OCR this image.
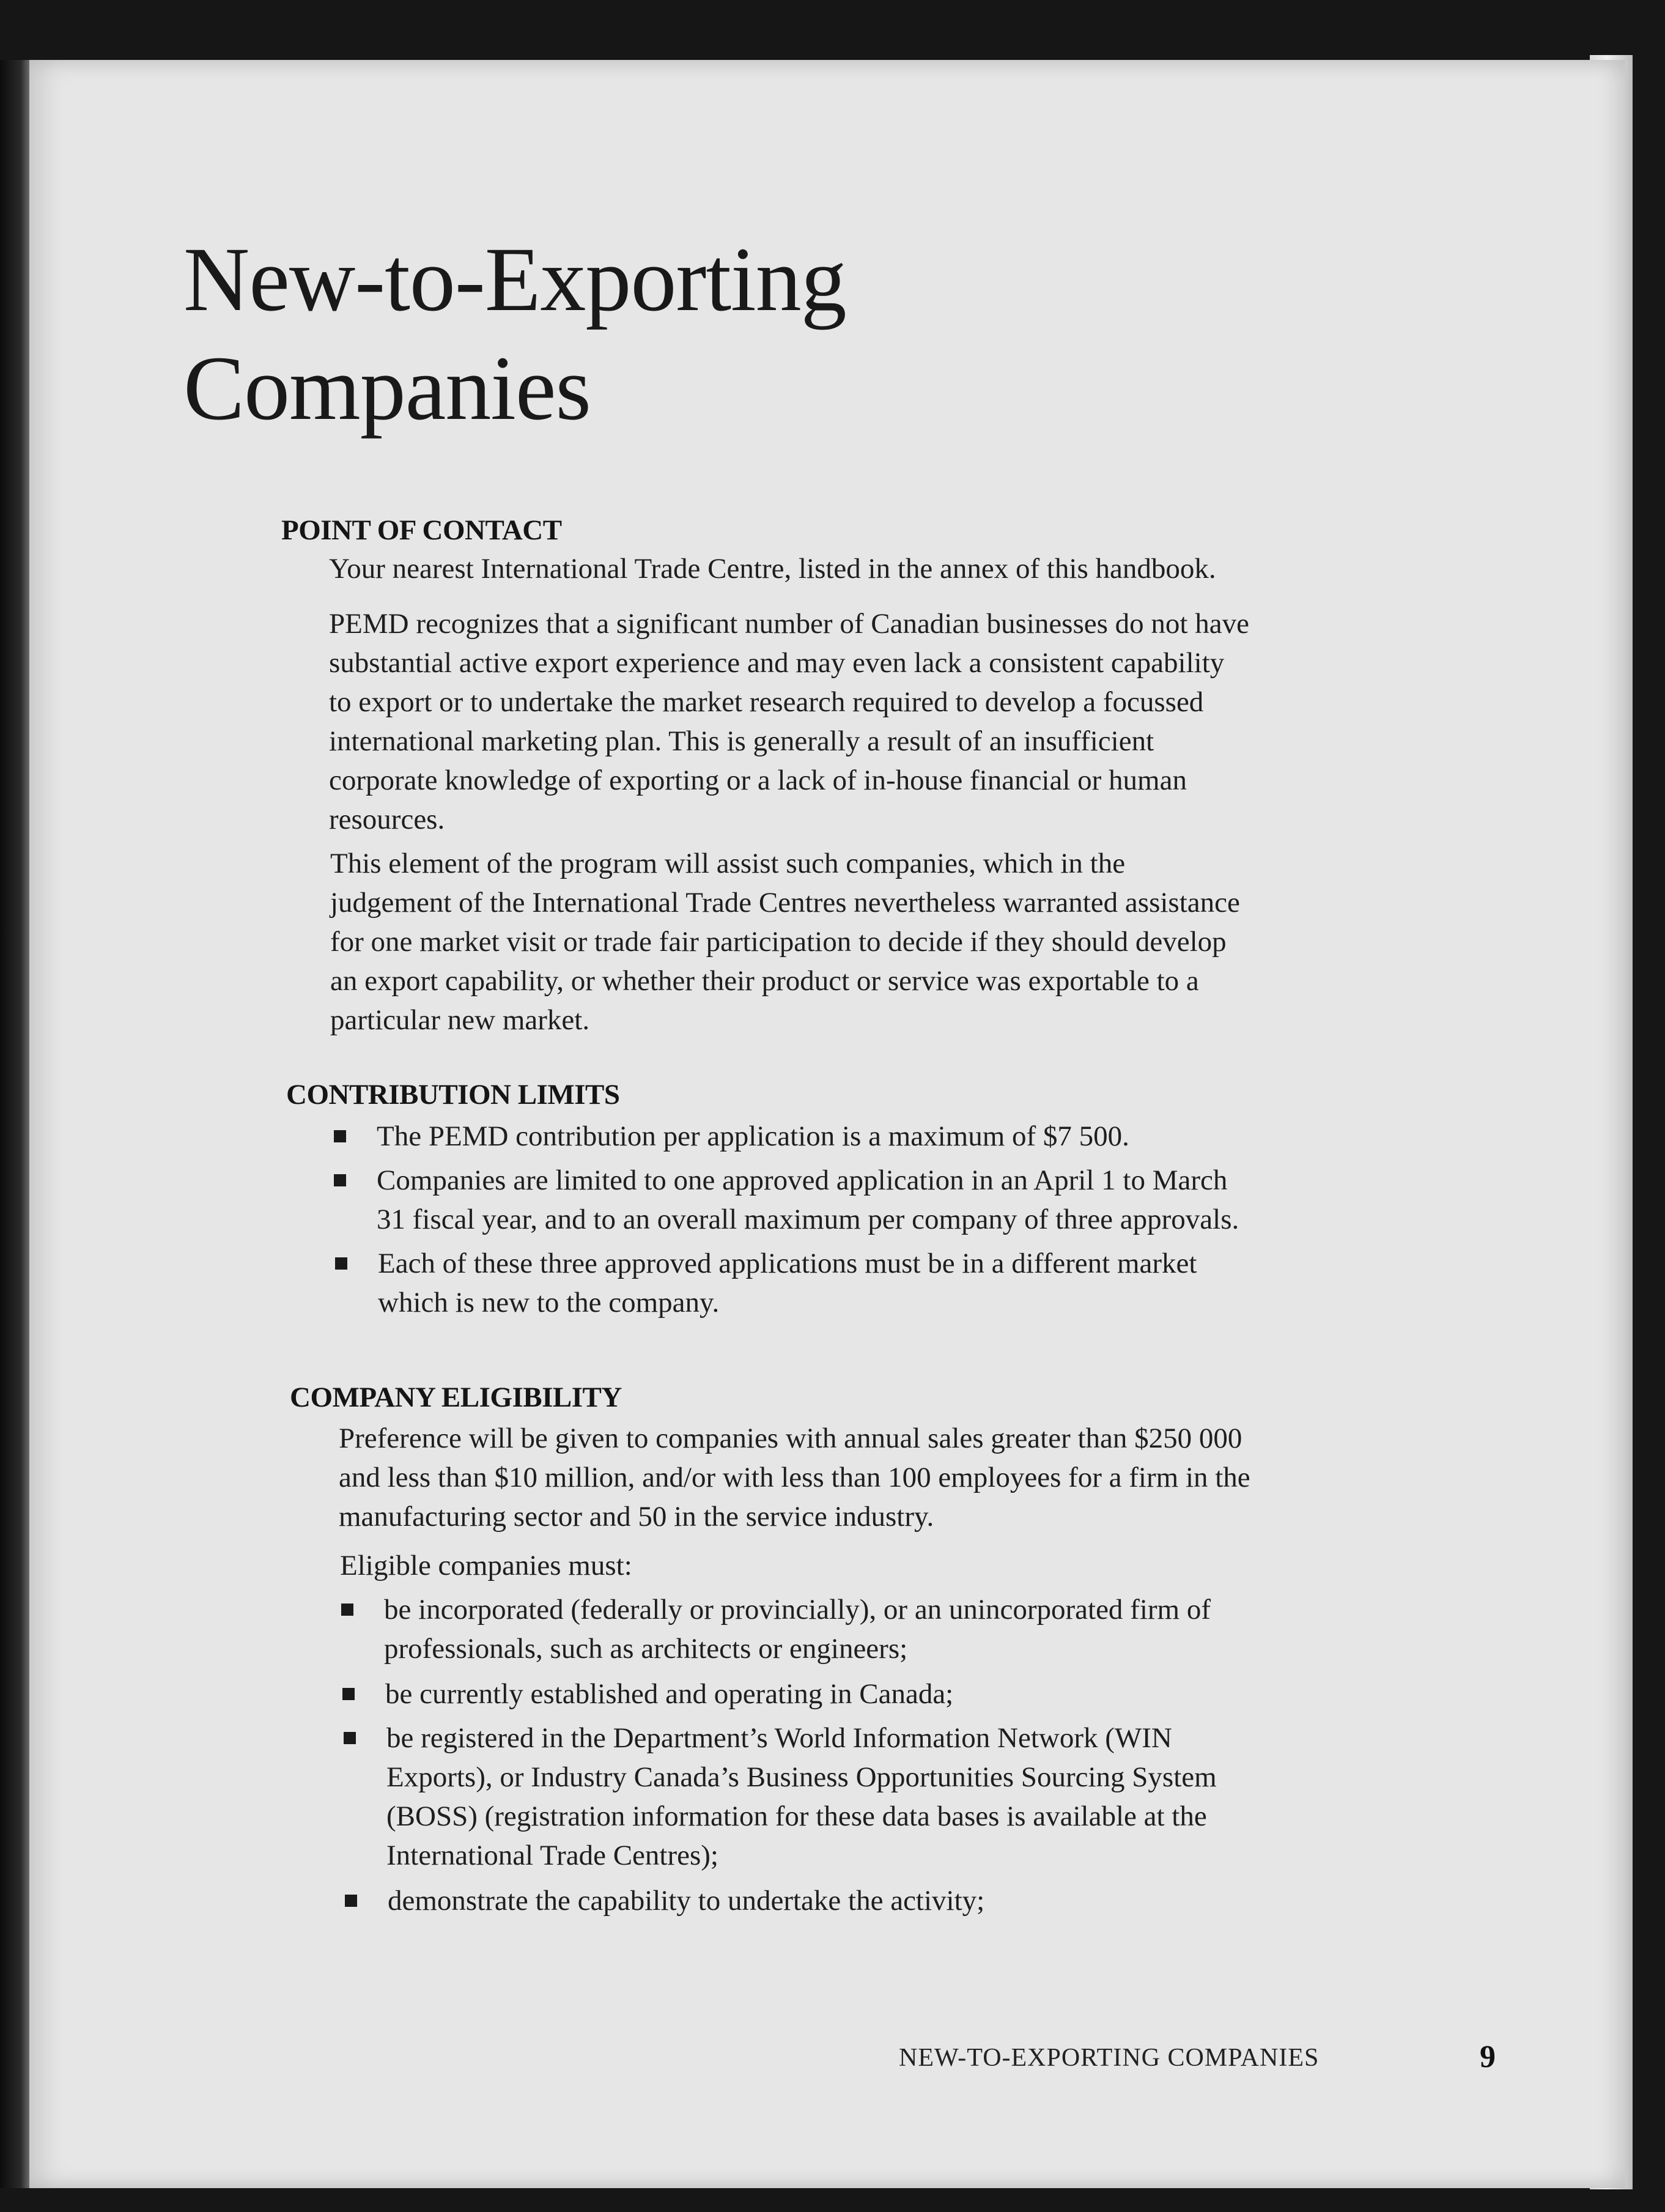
New-to-Exporting
Companies
POINT OF CONTACT
Your nearest International Trade Centre, listed in the annex of this handbook.
PEMD recognizes that a significant number of Canadian businesses do not have
substantial active export experience and may even lack a consistent capability
to export or to undertake the market research required to develop a focussed
international marketing plan. This is generally a result of an insufficient
corporate knowledge of exporting or a lack of in-house financial or human
resources.
This element of the program will assist such companies, which in the
judgement of the International Trade Centres nevertheless warranted assistance
for one market visit or trade fair participation to decide if they should develop
an export capability, or whether their product or service was exportable to a
particular new market.
CONTRIBUTION LIMITS
The PEMD contribution per application is a maximum of $7 500.
Companies are limited to one approved application in an April 1 to March
31 fiscal year, and to an overall maximum per company of three approvals.
Each of these three approved applications must be in a different market
which is new to the company.
COMPANY ELIGIBILITY
Preference will be given to companies with annual sales greater than $250 000
and less than $10 million, and/or with less than 100 employees for a firm in the
manufacturing sector and 50 in the service industry.
Eligible companies must:
be incorporated (federally or provincially), or an unincorporated firm of
professionals, such as architects or engineers;
be currently established and operating in Canada;
be registered in the Department’s World Information Network (WIN
Exports), or Industry Canada’s Business Opportunities Sourcing System
(BOSS) (registration information for these data bases is available at the
International Trade Centres);
demonstrate the capability to undertake the activity;
NEW-TO-EXPORTING COMPANIES	9
